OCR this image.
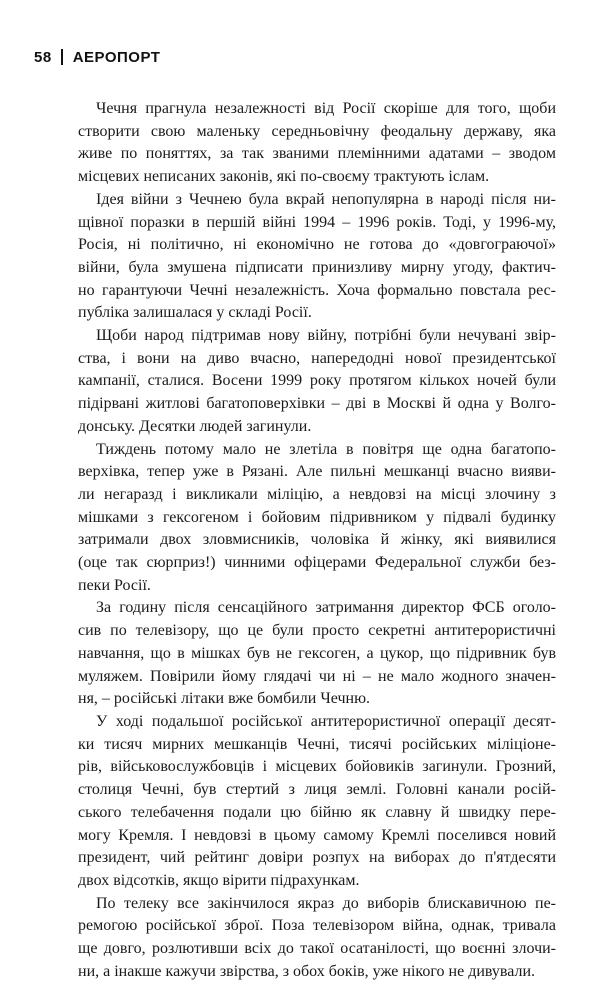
58 АЕРОПОРТ
Чечня прагнула незалежності від Росії скоріше для того, щоби
створити свою маленьку середньовічну феодальну державу, яка
живе по поняттях, за так званими племінними адатами – зводом
місцевих неписаних законів, які по-своєму трактують іслам.
Ідея війни з Чечнею була вкрай непопулярна в народі після ни-
щівної поразки в першій війні 1994 – 1996 років. Тоді, у 1996-му,
Росія, ні політично, ні економічно не готова до «довгограючої»
війни, була змушена підписати принизливу мирну угоду, фактич-
но гарантуючи Чечні незалежність. Хоча формально повстала рес-
публіка залишалася у складі Росії.
Щоби народ підтримав нову війну, потрібні були нечувані звір-
ства, і вони на диво вчасно, напередодні нової президентської
кампанії, сталися. Восени 1999 року протягом кількох ночей були
підірвані житлові багатоповерхівки – дві в Москві й одна у Волго-
донську. Десятки людей загинули.
Тиждень потому мало не злетіла в повітря ще одна багатопо-
верхівка, тепер уже в Рязані. Але пильні мешканці вчасно вияви-
ли негаразд і викликали міліцію, а невдовзі на місці злочину з
мішками з гексогеном і бойовим підривником у підвалі будинку
затримали двох зловмисників, чоловіка й жінку, які виявилися
(оце так сюрприз!) чинними офіцерами Федеральної служби без-
пеки Росії.
За годину після сенсаційного затримання директор ФСБ оголо-
сив по телевізору, що це були просто секретні антитерористичні
навчання, що в мішках був не гексоген, а цукор, що підривник був
муляжем. Повірили йому глядачі чи ні – не мало жодного значен-
ня, – російські літаки вже бомбили Чечню.
У ході подальшої російської антитерористичної операції десят-
ки тисяч мирних мешканців Чечні, тисячі російських міліціоне-
рів, військовослужбовців і місцевих бойовиків загинули. Грозний,
столиця Чечні, був стертий з лиця землі. Головні канали росій-
ського телебачення подали цю бійню як славну й швидку пере-
могу Кремля. І невдовзі в цьому самому Кремлі поселився новий
президент, чий рейтинг довіри розпух на виборах до п'ятдесяти
двох відсотків, якщо вірити підрахункам.
По телеку все закінчилося якраз до виборів блискавичною пе-
ремогою російської зброї. Поза телевізором війна, однак, тривала
ще довго, розлютивши всіх до такої осатанілості, що воєнні злочи-
ни, а інакше кажучи звірства, з обох боків, уже нікого не дивували.
